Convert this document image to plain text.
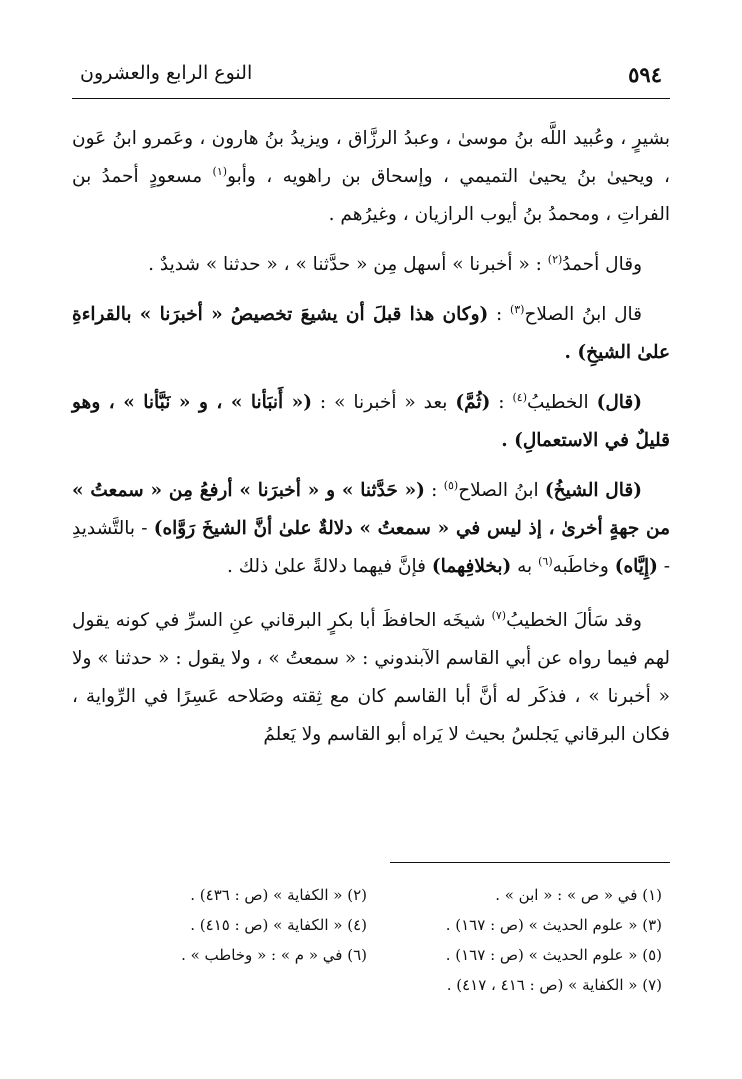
٥٩٤
النوع الرابع والعشرون

بشيرٍ ، وعُبيد اللَّه بنُ موسىٰ ، وعبدُ الرزَّاق ، ويزيدُ بنُ هارون ، وعَمرو ابنُ عَون ، ويحيىٰ بنُ يحيىٰ التميمي ، وإسحاق بن راهويه ، وأبو$^{(١)}$ مسعودٍ أحمدُ بن الفراتِ ، ومحمدُ بنُ أيوب الرازيان ، وغيرُهم .

وقال أحمدُ$^{(٢)}$ : « أخبرنا » أسهل مِن « حدَّثنا » ، « حدثنا » شديدٌ .

قال ابنُ الصلاح$^{(٣)}$ : (وكان هذا قبلَ أن يشيعَ تخصيصُ « أخبرَنا » بالقراءةِ علىٰ الشيخِ) .

(قال) الخطيبُ$^{(٤)}$ : (ثُمَّ) بعد « أخبرنا » : (« أَنبَأنا » ، و « نَبَّأنا » ، وهو قليلٌ في الاستعمالِ) .

(قال الشيخُ) ابنُ الصلاح$^{(٥)}$ : (« حَدَّثنا » و « أخبرَنا » أرفعُ مِن « سمعتُ » من جهةٍ أخرىٰ ، إذ ليس في « سمعتُ » دلالةٌ علىٰ أنَّ الشيخَ رَوَّاه) - بالتَّشديدِ - (إِيَّاه) وخاطَبه$^{(٦)}$ به (بخلافِهما) فإنَّ فيهما دلالةً علىٰ ذلك .

وقد سَألَ الخطيبُ$^{(٧)}$ شيخَه الحافظَ أبا بكرٍ البرقاني عنِ السرِّ في كونه يقول لهم فيما رواه عن أبي القاسم الآبندوني : « سمعتُ » ، ولا يقول : « حدثنا » ولا « أخبرنا » ، فذكَر له أنَّ أبا القاسم كان مع ثِقته وصَلاحه عَسِرًا في الرِّواية ، فكان البرقاني يَجلسُ بحيث لا يَراه أبو القاسم ولا يَعلمُ

(١) في « ص » : « ابن » .
(٢) « الكفاية » (ص : ٤٣٦) .
(٣) « علوم الحديث » (ص : ١٦٧) .
(٤) « الكفاية » (ص : ٤١٥) .
(٥) « علوم الحديث » (ص : ١٦٧) .
(٦) في « م » : « وخاطب » .
(٧) « الكفاية » (ص : ٤١٦ ، ٤١٧) .
